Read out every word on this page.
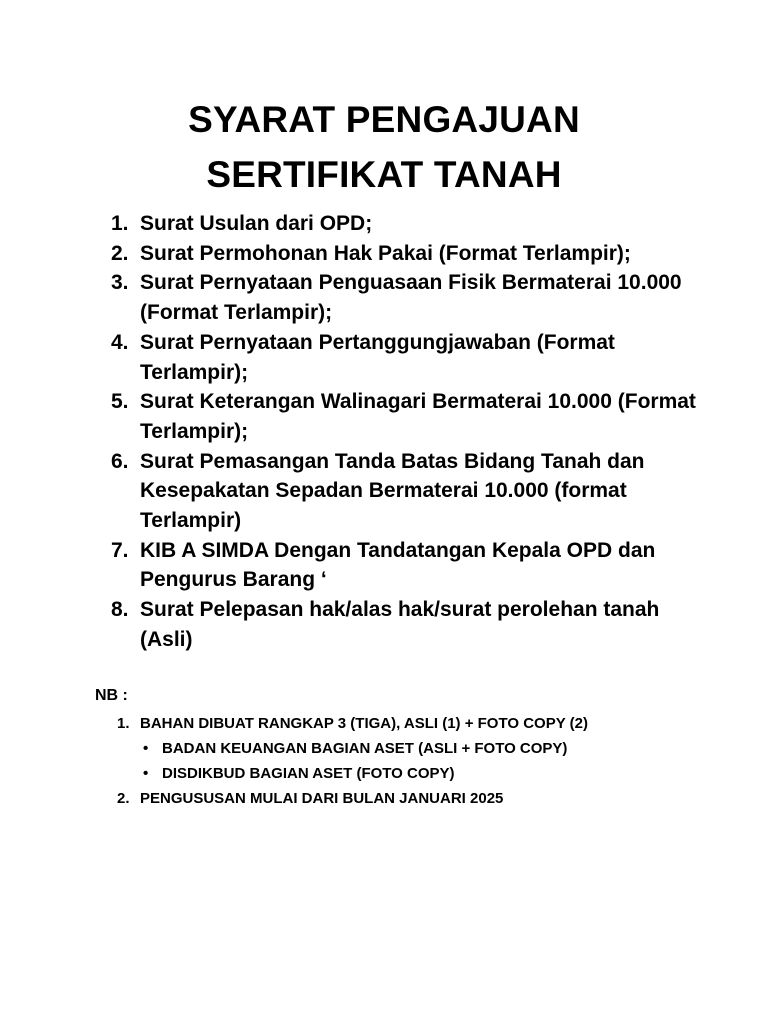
SYARAT PENGAJUAN
SERTIFIKAT TANAH
1. Surat Usulan dari OPD;
2. Surat Permohonan Hak Pakai (Format Terlampir);
3. Surat Pernyataan Penguasaan Fisik Bermaterai 10.000 (Format Terlampir);
4. Surat Pernyataan Pertanggungjawaban (Format Terlampir);
5. Surat Keterangan Walinagari Bermaterai 10.000 (Format Terlampir);
6. Surat Pemasangan Tanda Batas Bidang Tanah dan Kesepakatan Sepadan Bermaterai 10.000 (format Terlampir)
7. KIB A SIMDA Dengan Tandatangan Kepala OPD dan Pengurus Barang ‘
8. Surat Pelepasan hak/alas hak/surat perolehan tanah (Asli)
NB :
1. BAHAN DIBUAT RANGKAP 3 (TIGA), ASLI (1) + FOTO COPY (2)
• BADAN KEUANGAN BAGIAN ASET (ASLI + FOTO COPY)
• DISDIKBUD BAGIAN ASET (FOTO COPY)
2. PENGUSUSAN MULAI DARI BULAN JANUARI 2025
